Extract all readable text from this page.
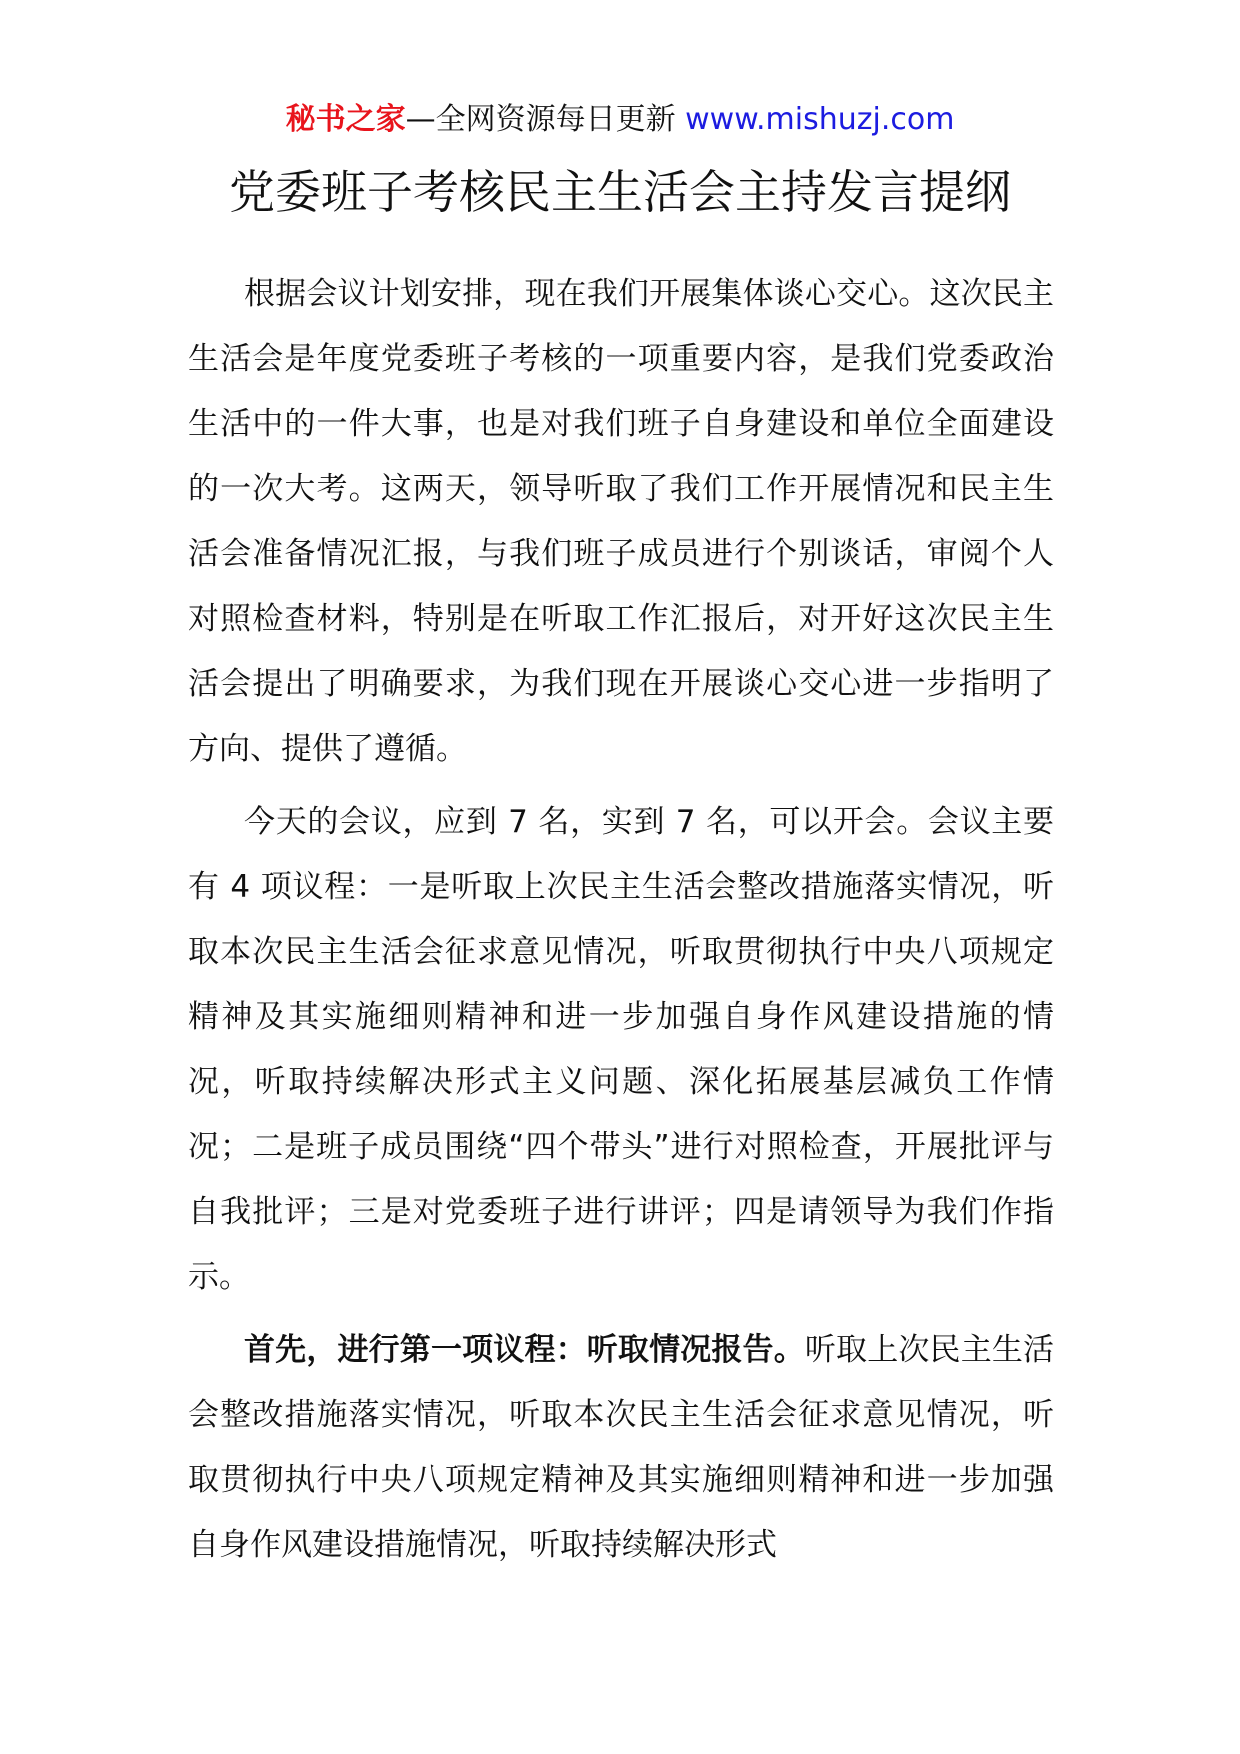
秘书之家—全网资源每日更新 www.mishuzj.com
党委班子考核民主生活会主持发言提纲

根据会议计划安排，现在我们开展集体谈心交心。这次民主生活会是年度党委班子考核的一项重要内容，是我们党委政治生活中的一件大事，也是对我们班子自身建设和单位全面建设的一次大考。这两天，领导听取了我们工作开展情况和民主生活会准备情况汇报，与我们班子成员进行个别谈话，审阅个人对照检查材料，特别是在听取工作汇报后，对开好这次民主生活会提出了明确要求，为我们现在开展谈心交心进一步指明了方向、提供了遵循。

今天的会议，应到 7 名，实到 7 名，可以开会。会议主要有 4 项议程：一是听取上次民主生活会整改措施落实情况，听取本次民主生活会征求意见情况，听取贯彻执行中央八项规定精神及其实施细则精神和进一步加强自身作风建设措施的情况，听取持续解决形式主义问题、深化拓展基层减负工作情况；二是班子成员围绕“四个带头”进行对照检查，开展批评与自我批评；三是对党委班子进行讲评；四是请领导为我们作指示。

首先，进行第一项议程：听取情况报告。听取上次民主生活会整改措施落实情况，听取本次民主生活会征求意见情况，听取贯彻执行中央八项规定精神及其实施细则精神和进一步加强自身作风建设措施情况，听取持续解决形式
